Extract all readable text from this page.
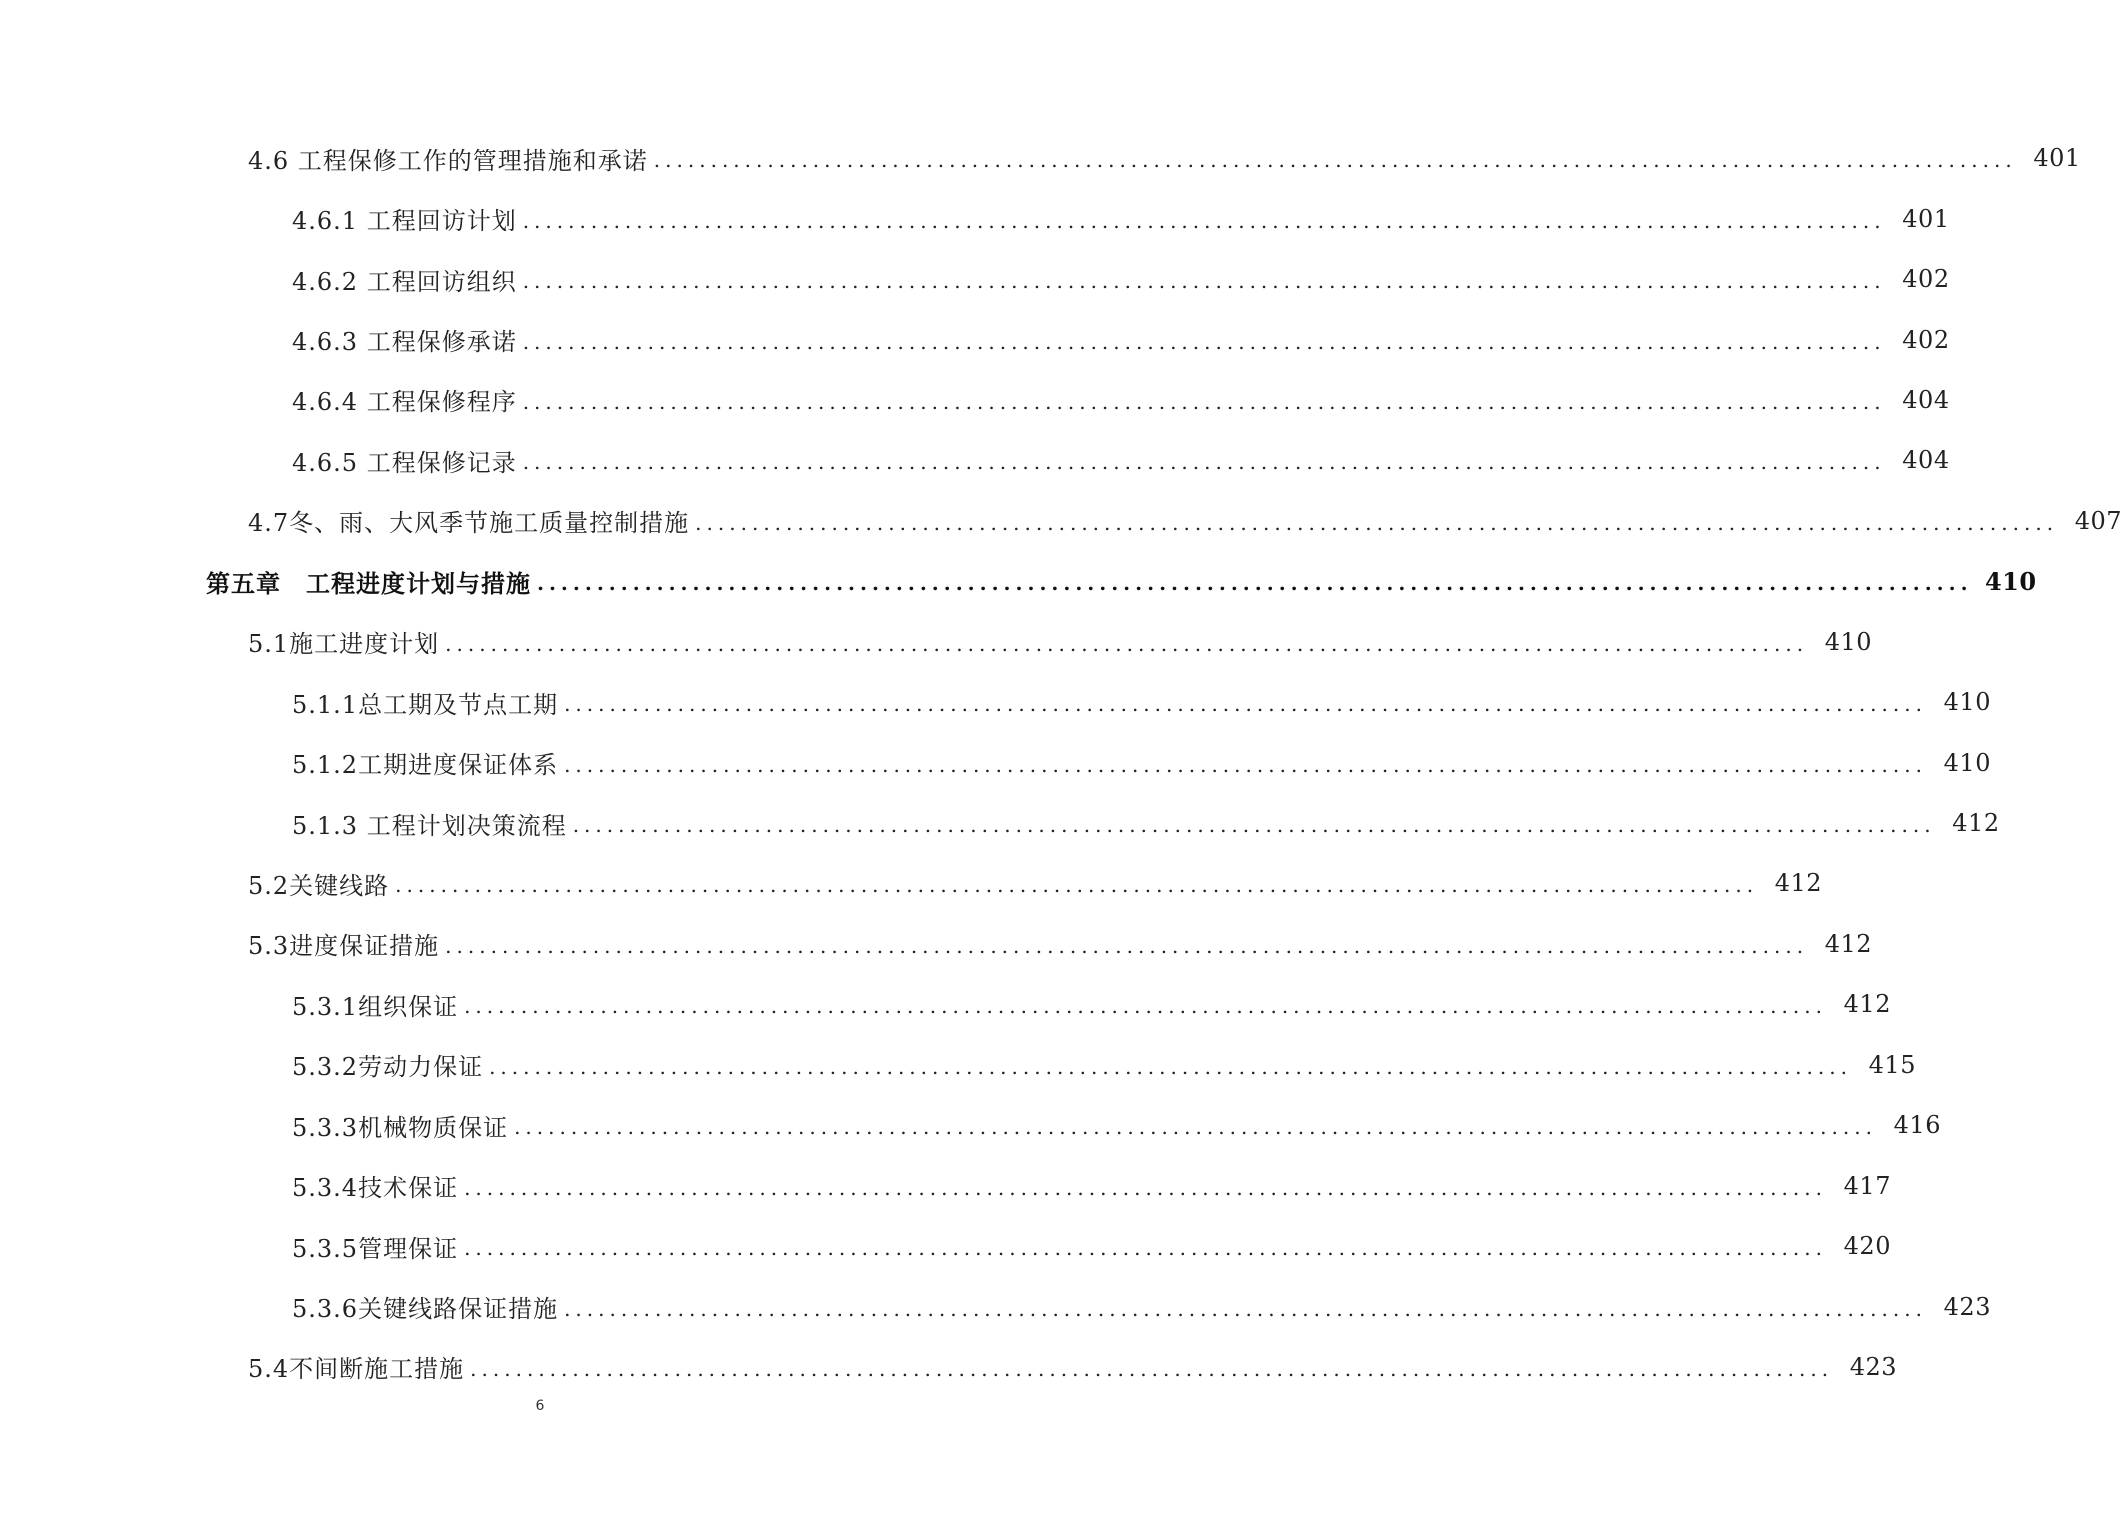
4.6 工程保修工作的管理措施和承诺 ........................................................................................................................ 401
4.6.1 工程回访计划 ........................................................................................................................ 401
4.6.2 工程回访组织 ........................................................................................................................ 402
4.6.3 工程保修承诺 ........................................................................................................................ 402
4.6.4 工程保修程序 ........................................................................................................................ 404
4.6.5 工程保修记录 ........................................................................................................................ 404
4.7冬、雨、大风季节施工质量控制措施 ........................................................................................................................ 407
第五章　工程进度计划与措施 ........................................................................................................................ 410
5.1施工进度计划 ........................................................................................................................ 410
5.1.1总工期及节点工期 ........................................................................................................................ 410
5.1.2工期进度保证体系 ........................................................................................................................ 410
5.1.3 工程计划决策流程 ........................................................................................................................ 412
5.2关键线路 ........................................................................................................................ 412
5.3进度保证措施 ........................................................................................................................ 412
5.3.1组织保证 ........................................................................................................................ 412
5.3.2劳动力保证 ........................................................................................................................ 415
5.3.3机械物质保证 ........................................................................................................................ 416
5.3.4技术保证 ........................................................................................................................ 417
5.3.5管理保证 ........................................................................................................................ 420
5.3.6关键线路保证措施 ........................................................................................................................ 423
5.4不间断施工措施 ........................................................................................................................ 423
6
